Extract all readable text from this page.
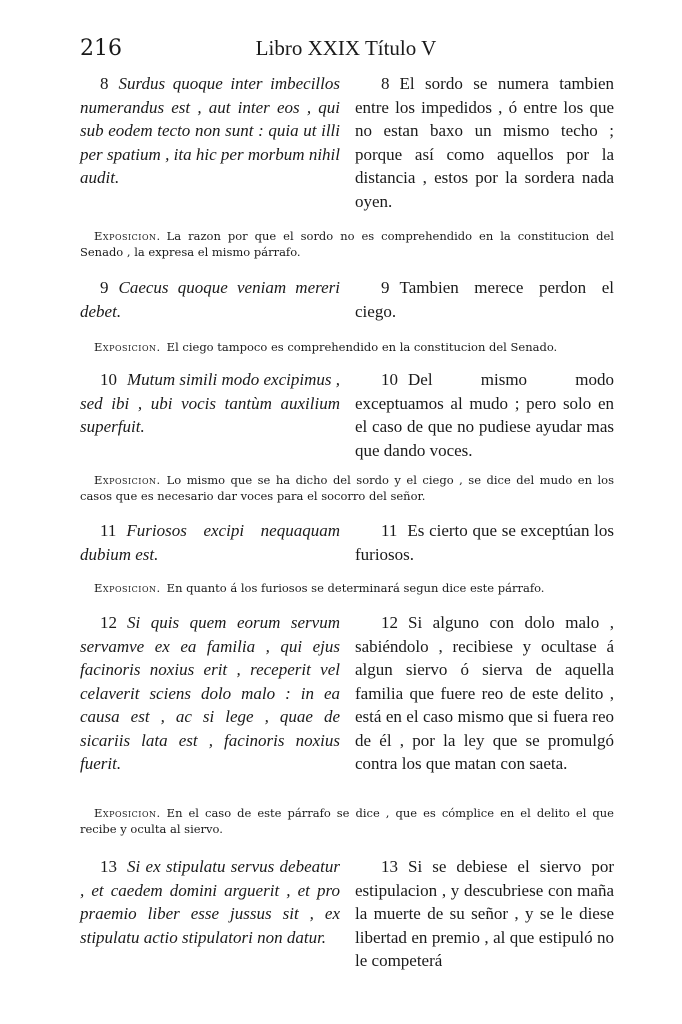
216	Libro XXIX Título V
8 Surdus quoque inter imbecillos numerandus est , aut inter eos , qui sub eodem tecto non sunt : quia ut illi per spatium , ita hic per morbum nihil audit.
8 El sordo se numera tambien entre los impedidos , ó entre los que no estan baxo un mismo techo ; porque así como aquellos por la distancia , estos por la sordera nada oyen.
Exposicion. La razon por que el sordo no es comprehendido en la constitucion del Senado , la expresa el mismo párrafo.
9 Caecus quoque veniam mereri debet.
9 Tambien merece perdon el ciego.
Exposicion. El ciego tampoco es comprehendido en la constitucion del Senado.
10 Mutum simili modo excipimus , sed ibi , ubi vocis tantùm auxilium superfuit.
10 Del mismo modo exceptuamos al mudo ; pero solo en el caso de que no pudiese ayudar mas que dando voces.
Exposicion. Lo mismo que se ha dicho del sordo y el ciego , se dice del mudo en los casos que es necesario dar voces para el socorro del señor.
11 Furiosos excipi nequaquam dubium est.
11 Es cierto que se exceptúan los furiosos.
Exposicion. En quanto á los furiosos se determinará segun dice este párrafo.
12 Si quis quem eorum servum servamve ex ea familia , qui ejus facinoris noxius erit , receperit vel celaverit sciens dolo malo : in ea causa est , ac si lege , quae de sicariis lata est , facinoris noxius fuerit.
12 Si alguno con dolo malo , sabiéndolo , recibiese y ocultase á algun siervo ó sierva de aquella familia que fuere reo de este delito , está en el caso mismo que si fuera reo de él , por la ley que se promulgó contra los que matan con saeta.
Exposicion. En el caso de este párrafo se dice , que es cómplice en el delito el que recibe y oculta al siervo.
13 Si ex stipulatu servus debeatur , et caedem domini arguerit , et pro praemio liber esse jussus sit , ex stipulatu actio stipulatori non datur.
13 Si se debiese el siervo por estipulacion , y descubriese con maña la muerte de su señor , y se le diese libertad en premio , al que estipuló no le competerá
